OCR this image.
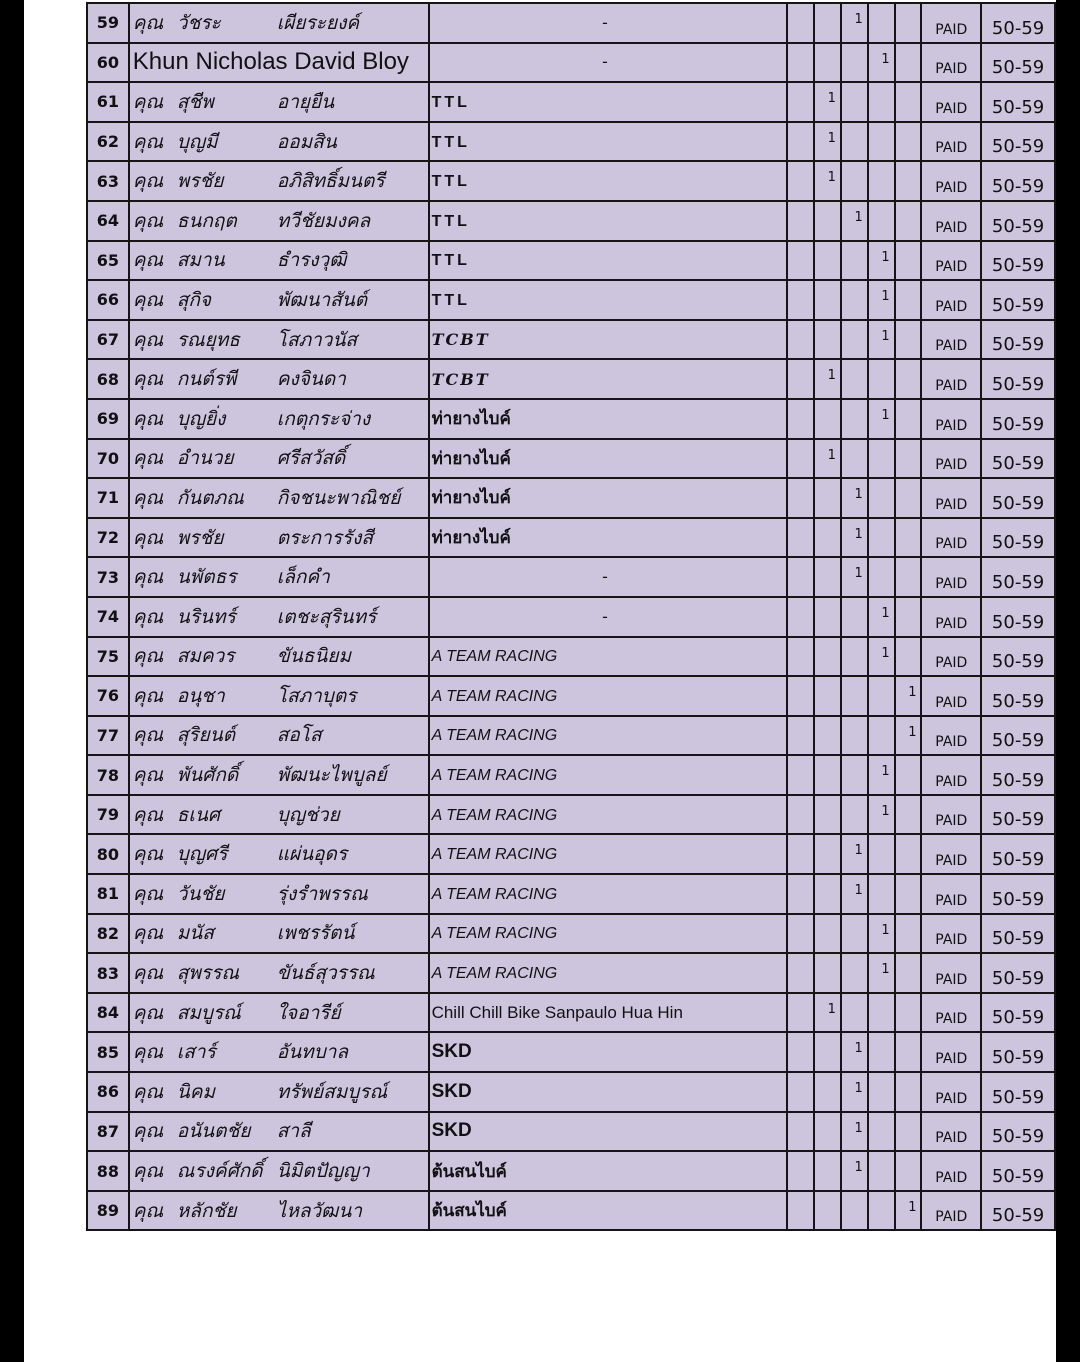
59	คุณ วัชระ เผียระยงค์	-			1			PAID	50-59
60	Khun Nicholas David Bloy	-				1		PAID	50-59
61	คุณ สุชีพ อายุยืน	TTL		1				PAID	50-59
62	คุณ บุญมี ออมสิน	TTL		1				PAID	50-59
63	คุณ พรชัย อภิสิทธิ์มนตรี	TTL		1				PAID	50-59
64	คุณ ธนกฤต ทวีชัยมงคล	TTL			1			PAID	50-59
65	คุณ สมาน ธำรงวุฒิ	TTL				1		PAID	50-59
66	คุณ สุกิจ พัฒนาสันต์	TTL				1		PAID	50-59
67	คุณ รณยุทธ โสภาวนัส	TCBT				1		PAID	50-59
68	คุณ กนต์รพี คงจินดา	TCBT		1				PAID	50-59
69	คุณ บุญยิ่ง เกตุกระจ่าง	ท่ายางไบค์				1		PAID	50-59
70	คุณ อำนวย ศรีสวัสดิ์	ท่ายางไบค์		1				PAID	50-59
71	คุณ กันตภณ กิจชนะพาณิชย์	ท่ายางไบค์			1			PAID	50-59
72	คุณ พรชัย ตระการรังสี	ท่ายางไบค์			1			PAID	50-59
73	คุณ นพัตธร เล็กคำ	-			1			PAID	50-59
74	คุณ นรินทร์ เตชะสุรินทร์	-				1		PAID	50-59
75	คุณ สมควร ขันธนิยม	A TEAM RACING				1		PAID	50-59
76	คุณ อนุชา โสภาบุตร	A TEAM RACING					1	PAID	50-59
77	คุณ สุริยนต์ สอโส	A TEAM RACING					1	PAID	50-59
78	คุณ พันศักดิ์ พัฒนะไพบูลย์	A TEAM RACING				1		PAID	50-59
79	คุณ ธเนศ บุญช่วย	A TEAM RACING				1		PAID	50-59
80	คุณ บุญศรี แผ่นอุดร	A TEAM RACING			1			PAID	50-59
81	คุณ วันชัย รุ่งรำพรรณ	A TEAM RACING			1			PAID	50-59
82	คุณ มนัส เพชรรัตน์	A TEAM RACING				1		PAID	50-59
83	คุณ สุพรรณ ขันธ์สุวรรณ	A TEAM RACING				1		PAID	50-59
84	คุณ สมบูรณ์ ใจอารีย์	Chill Chill Bike Sanpaulo Hua Hin		1				PAID	50-59
85	คุณ เสาร์ อันทบาล	SKD			1			PAID	50-59
86	คุณ นิคม ทรัพย์สมบูรณ์	SKD			1			PAID	50-59
87	คุณ อนันตชัย สาลี	SKD			1			PAID	50-59
88	คุณ ณรงค์ศักดิ์ นิมิตปัญญา	ต้นสนไบค์			1			PAID	50-59
89	คุณ หลักชัย ไหลวัฒนา	ต้นสนไบค์					1	PAID	50-59
